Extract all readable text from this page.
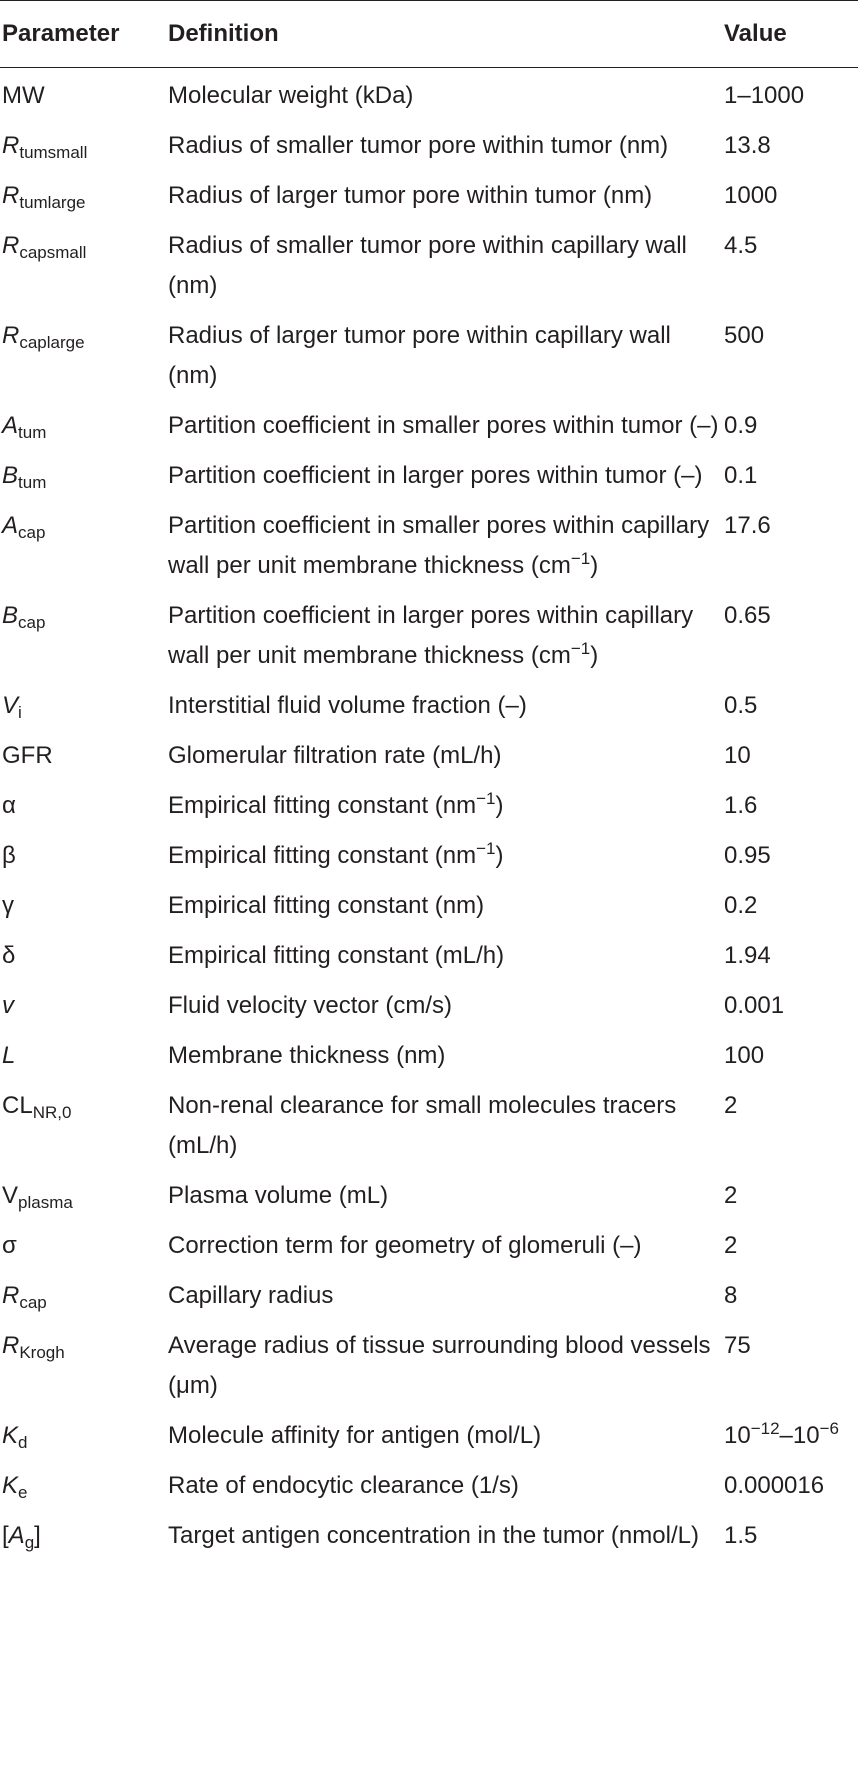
Parameter	Definition	Value
MW	Molecular weight (kDa)	1–1000

$R_{tumsmall}$	Radius of smaller tumor pore within tumor (nm)	13.8

$R_{tumlarge}$	Radius of larger tumor pore within tumor (nm)	1000

$R_{capsmall}$	Radius of smaller tumor pore within capillary wall (nm)	4.5

$R_{caplarge}$	Radius of larger tumor pore within capillary wall (nm)	500

$A_{tum}$	Partition coefficient in smaller pores within tumor (–)	0.9

$B_{tum}$	Partition coefficient in larger pores within tumor (–)	0.1

$A_{cap}$	Partition coefficient in smaller pores within capillary wall per unit membrane thickness $(cm^{-1})$	17.6

$B_{cap}$	Partition coefficient in larger pores within capillary wall per unit membrane thickness $(cm^{-1})$	0.65

$V_i$	Interstitial fluid volume fraction (–)	0.5

GFR	Glomerular filtration rate (mL/h)	10

α	Empirical fitting constant $(nm^{-1})$	1.6

β	Empirical fitting constant $(nm^{-1})$	0.95

γ	Empirical fitting constant (nm)	0.2

δ	Empirical fitting constant (mL/h)	1.94

v	Fluid velocity vector (cm/s)	0.001

L	Membrane thickness (nm)	100

$CL_{NR,0}$	Non-renal clearance for small molecules tracers (mL/h)	2

$V_{plasma}$	Plasma volume (mL)	2

σ	Correction term for geometry of glomeruli (–)	2

$R_{cap}$	Capillary radius	8

$R_{Krogh}$	Average radius of tissue surrounding blood vessels (μm)	75

$K_d$	Molecule affinity for antigen (mol/L)	$10^{-12}-10^{-6}$

$K_e$	Rate of endocytic clearance (1/s)	0.000016

$[A_g]$	Target antigen concentration in the tumor (nmol/L)	1.5
